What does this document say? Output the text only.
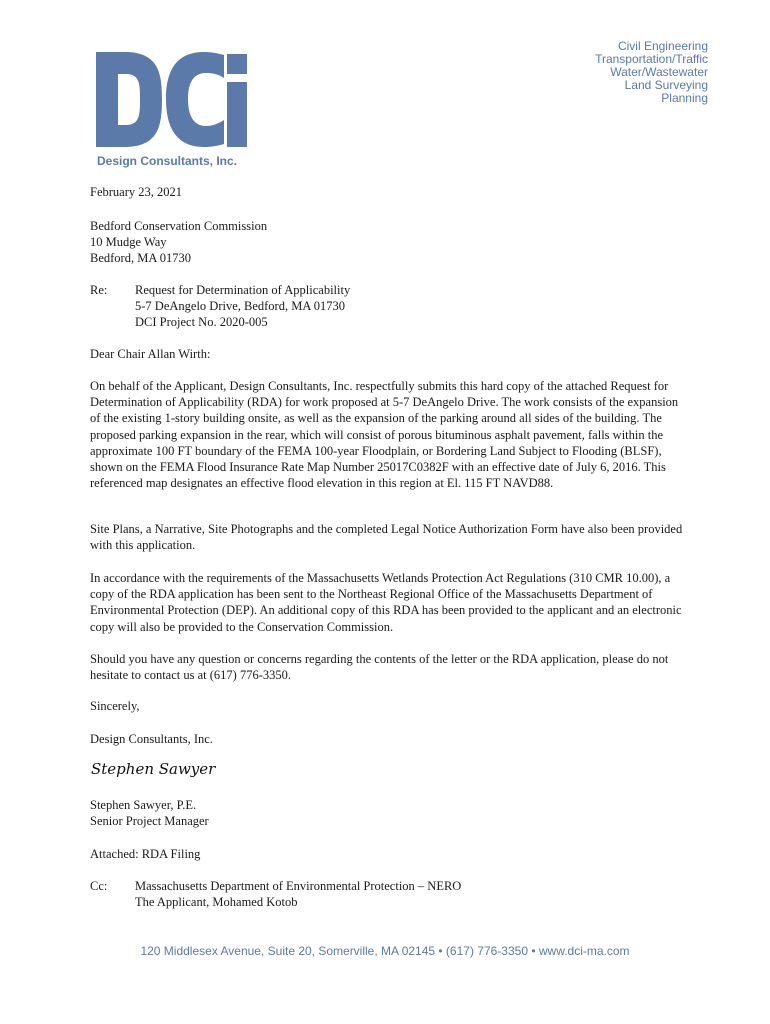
Design Consultants, Inc.
Civil Engineering
Transportation/Traffic
Water/Wastewater
Land Surveying
Planning
February 23, 2021
Bedford Conservation Commission
10 Mudge Way
Bedford, MA 01730
Re:	Request for Determination of Applicability
5-7 DeAngelo Drive, Bedford, MA 01730
DCI Project No. 2020-005
Dear Chair Allan Wirth:
On behalf of the Applicant, Design Consultants, Inc. respectfully submits this hard copy of the attached Request for Determination of Applicability (RDA) for work proposed at 5-7 DeAngelo Drive. The work consists of the expansion of the existing 1-story building onsite, as well as the expansion of the parking around all sides of the building. The proposed parking expansion in the rear, which will consist of porous bituminous asphalt pavement, falls within the approximate 100 FT boundary of the FEMA 100-year Floodplain, or Bordering Land Subject to Flooding (BLSF), shown on the FEMA Flood Insurance Rate Map Number 25017C0382F with an effective date of July 6, 2016. This referenced map designates an effective flood elevation in this region at El. 115 FT NAVD88.
Site Plans, a Narrative, Site Photographs and the completed Legal Notice Authorization Form have also been provided with this application.
In accordance with the requirements of the Massachusetts Wetlands Protection Act Regulations (310 CMR 10.00), a copy of the RDA application has been sent to the Northeast Regional Office of the Massachusetts Department of Environmental Protection (DEP). An additional copy of this RDA has been provided to the applicant and an electronic copy will also be provided to the Conservation Commission.
Should you have any question or concerns regarding the contents of the letter or the RDA application, please do not hesitate to contact us at (617) 776-3350.
Sincerely,
Design Consultants, Inc.
Stephen Sawyer
Stephen Sawyer, P.E.
Senior Project Manager
Attached: RDA Filing
Cc:	Massachusetts Department of Environmental Protection – NERO
The Applicant, Mohamed Kotob
120 Middlesex Avenue, Suite 20, Somerville, MA 02145 • (617) 776-3350 • www.dci-ma.com
